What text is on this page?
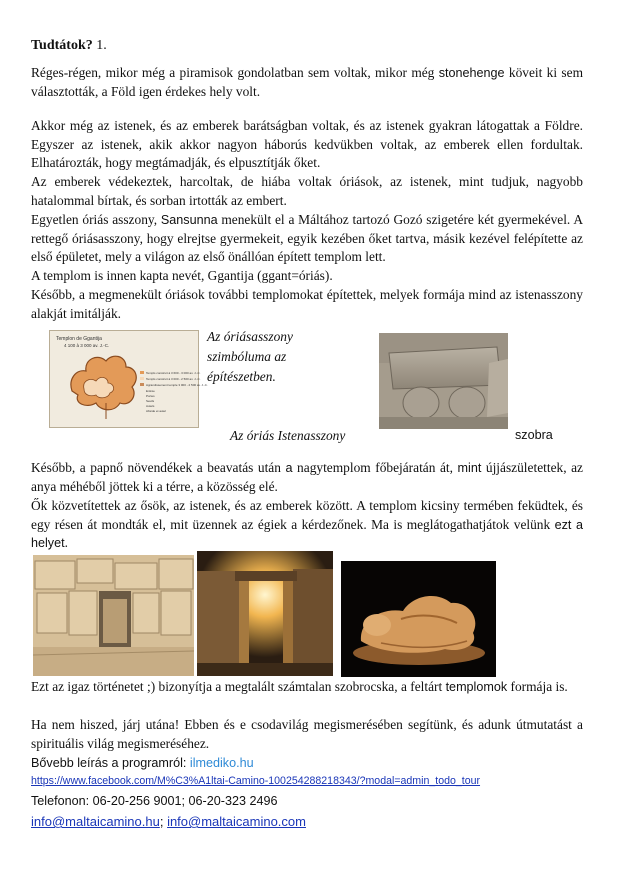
Tudtátok? 1.
Réges-régen, mikor még a piramisok gondolatban sem voltak, mikor még stonehenge köveit ki sem választották, a Föld igen érdekes hely volt.
Akkor még az istenek, és az emberek barátságban voltak, és az istenek gyakran látogattak a Földre. Egyszer az istenek, akik akkor nagyon háborús kedvükben voltak, az emberek ellen fordultak. Elhatározták, hogy megtámadják, és elpusztítják őket.
Az emberek védekeztek, harcoltak, de hiába voltak óriások, az istenek, mint tudjuk, nagyobb hatalommal bírtak, és sorban irtották az embert.
Egyetlen óriás asszony, Sansunna menekült el a Máltához tartozó Gozó szigetére két gyermekével. A rettegő óriásasszony, hogy elrejtse gyermekeit, egyik kezében őket tartva, másik kezével felépítette az első épületet, mely a világon az első önállóan épített templom lett.
A templom is innen kapta nevét, Ggantija (ggant=óriás).
Később, a megmenekült óriások további templomokat építettek, melyek formája mind az istenasszony alakját imitálják.
Templon de Ggantija
4 100 à 3 000 av. J.-C.
Templs construit à 3 600 - 3 000 av. J.-C.
Templs construit à 3 000 - 2 500 av. J.-C.
Agrandissement temple 3 000 - 2 500 av. J.-C.
Entrée
Portes
Seuils
Autels
Abside et autel
Az óriásasszony
szimbóluma az
építészetben.
Az óriás Istenasszony	szobra
Később, a papnő növendékek a beavatás után a nagytemplom főbejáratán át, mint újjászületettek, az anya méhéből jöttek ki a térre, a közösség elé.
Ők közvetítettek az ősök, az istenek, és az emberek között. A templom kicsiny termében feküdtek, és egy résen át mondták el, mit üzennek az égiek a kérdezőnek. Ma is meglátogathatjátok velünk ezt a helyet.
Ezt az igaz történetet ;) bizonyítja a megtalált számtalan szobrocska, a feltárt templomok formája is.
Ha nem hiszed, járj utána! Ebben és e csodavilág megismerésében segítünk, és adunk útmutatást a spirituális világ megismeréséhez.
Bővebb leírás a programról: ilmediko.hu
https://www.facebook.com/M%C3%A1ltai-Camino-100254288218343/?modal=admin_todo_tour
Telefonon: 06-20-256 9001; 06-20-323 2496
info@maltaicamino.hu; info@maltaicamino.com
